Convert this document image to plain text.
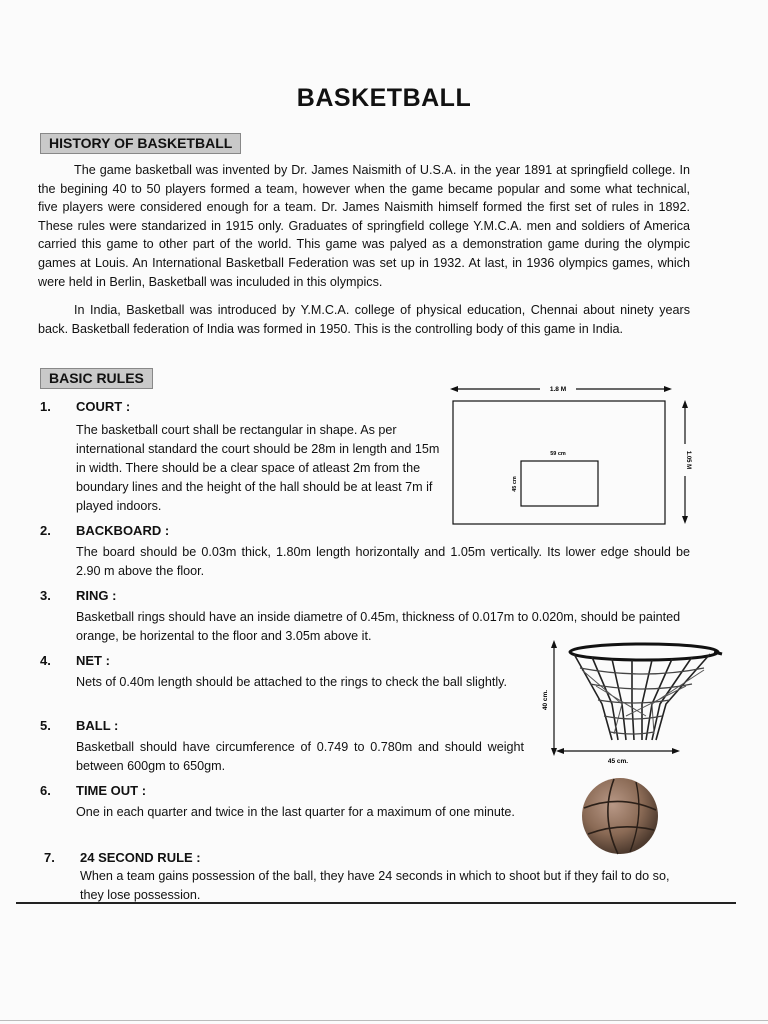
BASKETBALL
HISTORY OF BASKETBALL
The game basketball was invented by Dr. James Naismith of U.S.A. in the year 1891 at springfield college. In the begining 40 to 50 players formed a team, however when the game became popular and some what technical, five players were considered enough for a team. Dr. James Naismith himself formed the first set of rules in 1892. These rules were standarized in 1915 only. Graduates of springfield college Y.M.C.A. men and soldiers of America carried this game to other part of the world. This game was palyed as a demonstration game during the olympic games at Louis. An International Basketball Federation was set up in 1932. At last, in 1936 olympics games, which were held in Berlin, Basketball was inculuded in this olympics.
In India, Basketball was introduced by Y.M.C.A. college of physical education, Chennai about ninety years back. Basketball federation of India was formed in 1950. This is the controlling body of this game in India.
BASIC RULES
1. COURT :
The basketball court shall be rectangular in shape. As per international standard the court should be 28m in length and 15m in width. There should be a clear space of atleast 2m from the boundary lines and the height of the hall should be at least 7m if played indoors.
2. BACKBOARD :
The board should be 0.03m thick, 1.80m length horizontally and 1.05m vertically. Its lower edge should be 2.90 m above the floor.
3. RING :
Basketball rings should have an inside diametre of 0.45m, thickness of 0.017m to 0.020m, should be painted orange, be horizental to the floor and 3.05m above it.
4. NET :
Nets of 0.40m length should be attached to the rings to check the ball slightly.
5. BALL :
Basketball should have circumference of 0.749 to 0.780m and should weight between 600gm to 650gm.
6. TIME OUT :
One in each quarter and twice in the last quarter for a maximum of one minute.
7. 24 SECOND RULE :
When a team gains possession of the ball, they have 24 seconds in which to shoot but if they fail to do so, they lose possession.
1.8 M
59 cm
45 cm
1.05 M
40 cm.
45 cm.
